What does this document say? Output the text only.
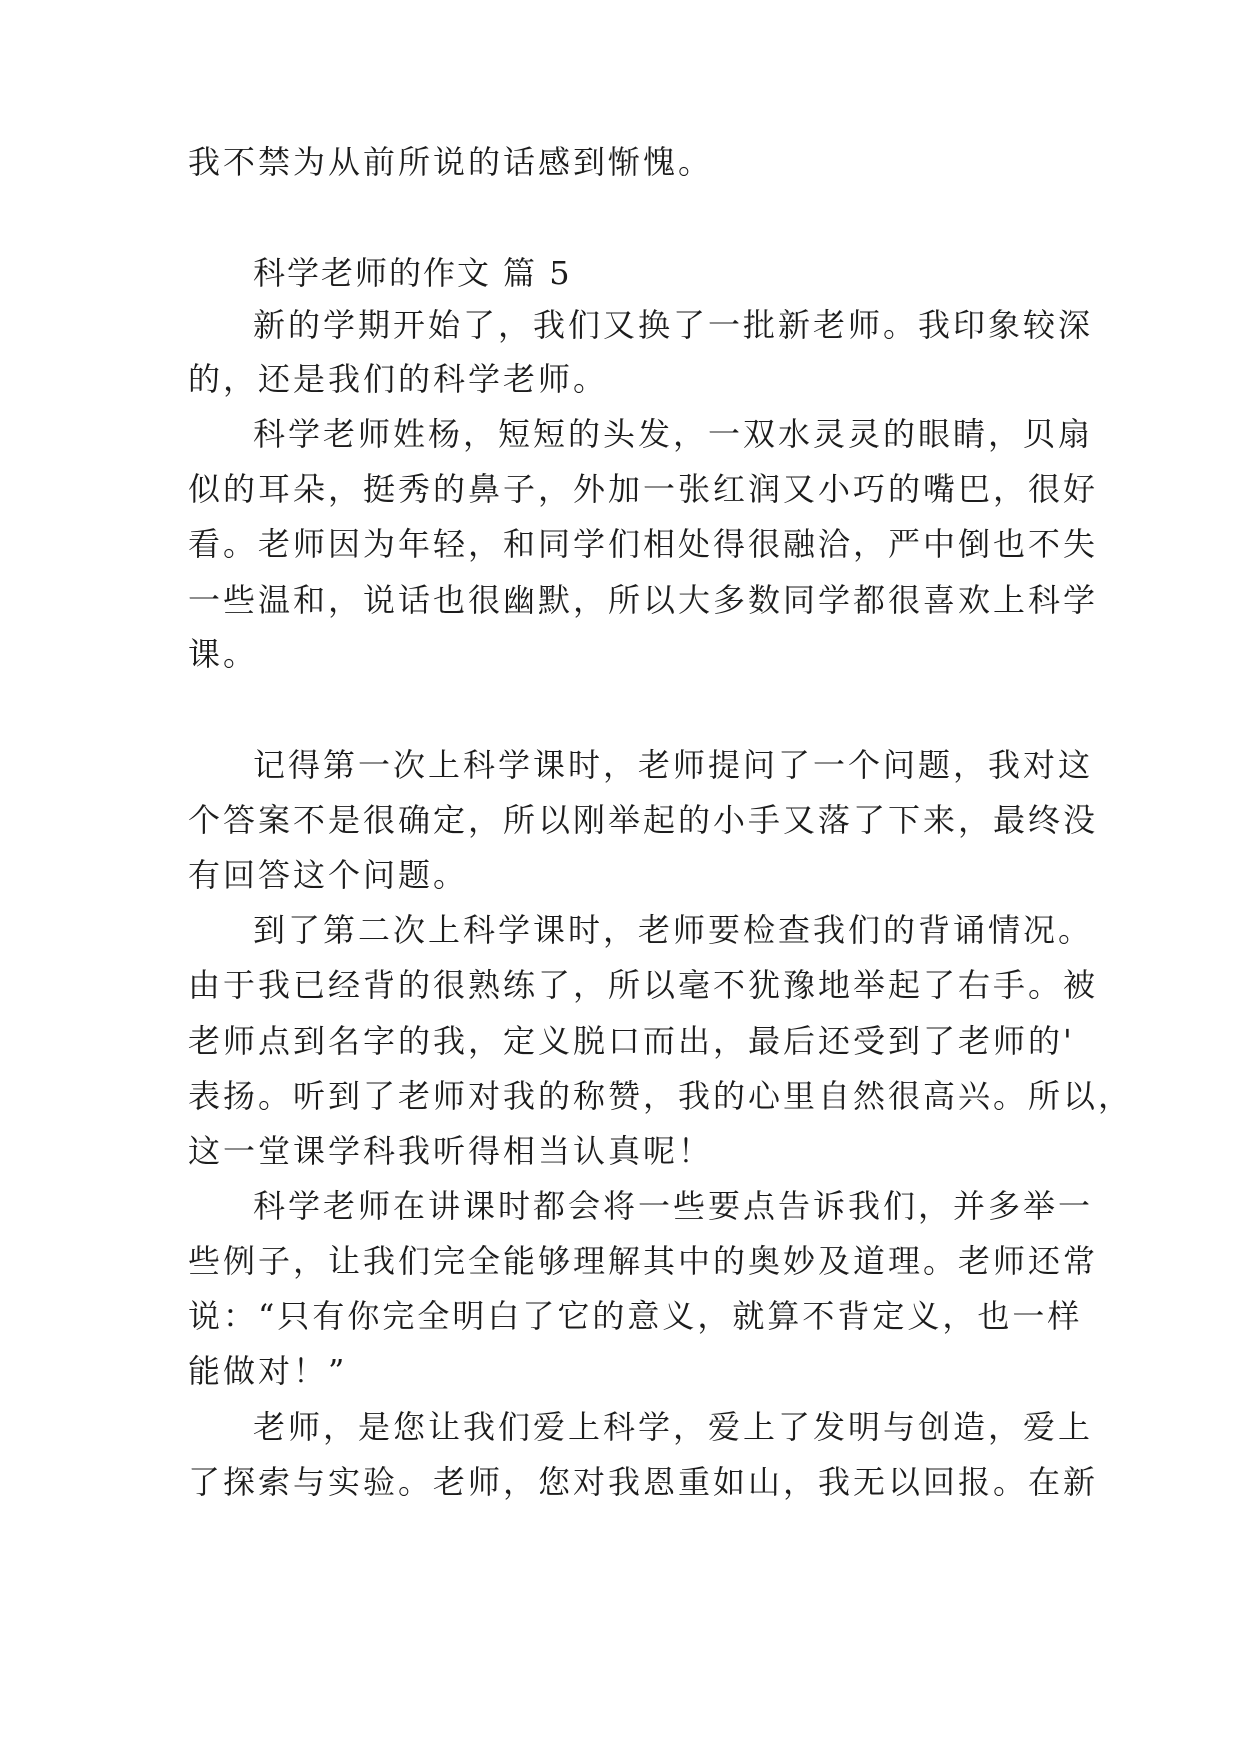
我不禁为从前所说的话感到惭愧。
科学老师的作文 篇 5
新的学期开始了，我们又换了一批新老师。我印象较深
的，还是我们的科学老师。
科学老师姓杨，短短的头发，一双水灵灵的眼睛，贝扇
似的耳朵，挺秀的鼻子，外加一张红润又小巧的嘴巴，很好
看。老师因为年轻，和同学们相处得很融洽，严中倒也不失
一些温和，说话也很幽默，所以大多数同学都很喜欢上科学
课。
记得第一次上科学课时，老师提问了一个问题，我对这
个答案不是很确定，所以刚举起的小手又落了下来，最终没
有回答这个问题。
到了第二次上科学课时，老师要检查我们的背诵情况。
由于我已经背的很熟练了，所以毫不犹豫地举起了右手。被
老师点到名字的我，定义脱口而出，最后还受到了老师的'
表扬。听到了老师对我的称赞，我的心里自然很高兴。所以，
这一堂课学科我听得相当认真呢！
科学老师在讲课时都会将一些要点告诉我们，并多举一
些例子，让我们完全能够理解其中的奥妙及道理。老师还常
说：“只有你完全明白了它的意义，就算不背定义，也一样
能做对！”
老师，是您让我们爱上科学，爱上了发明与创造，爱上
了探索与实验。老师，您对我恩重如山，我无以回报。在新
